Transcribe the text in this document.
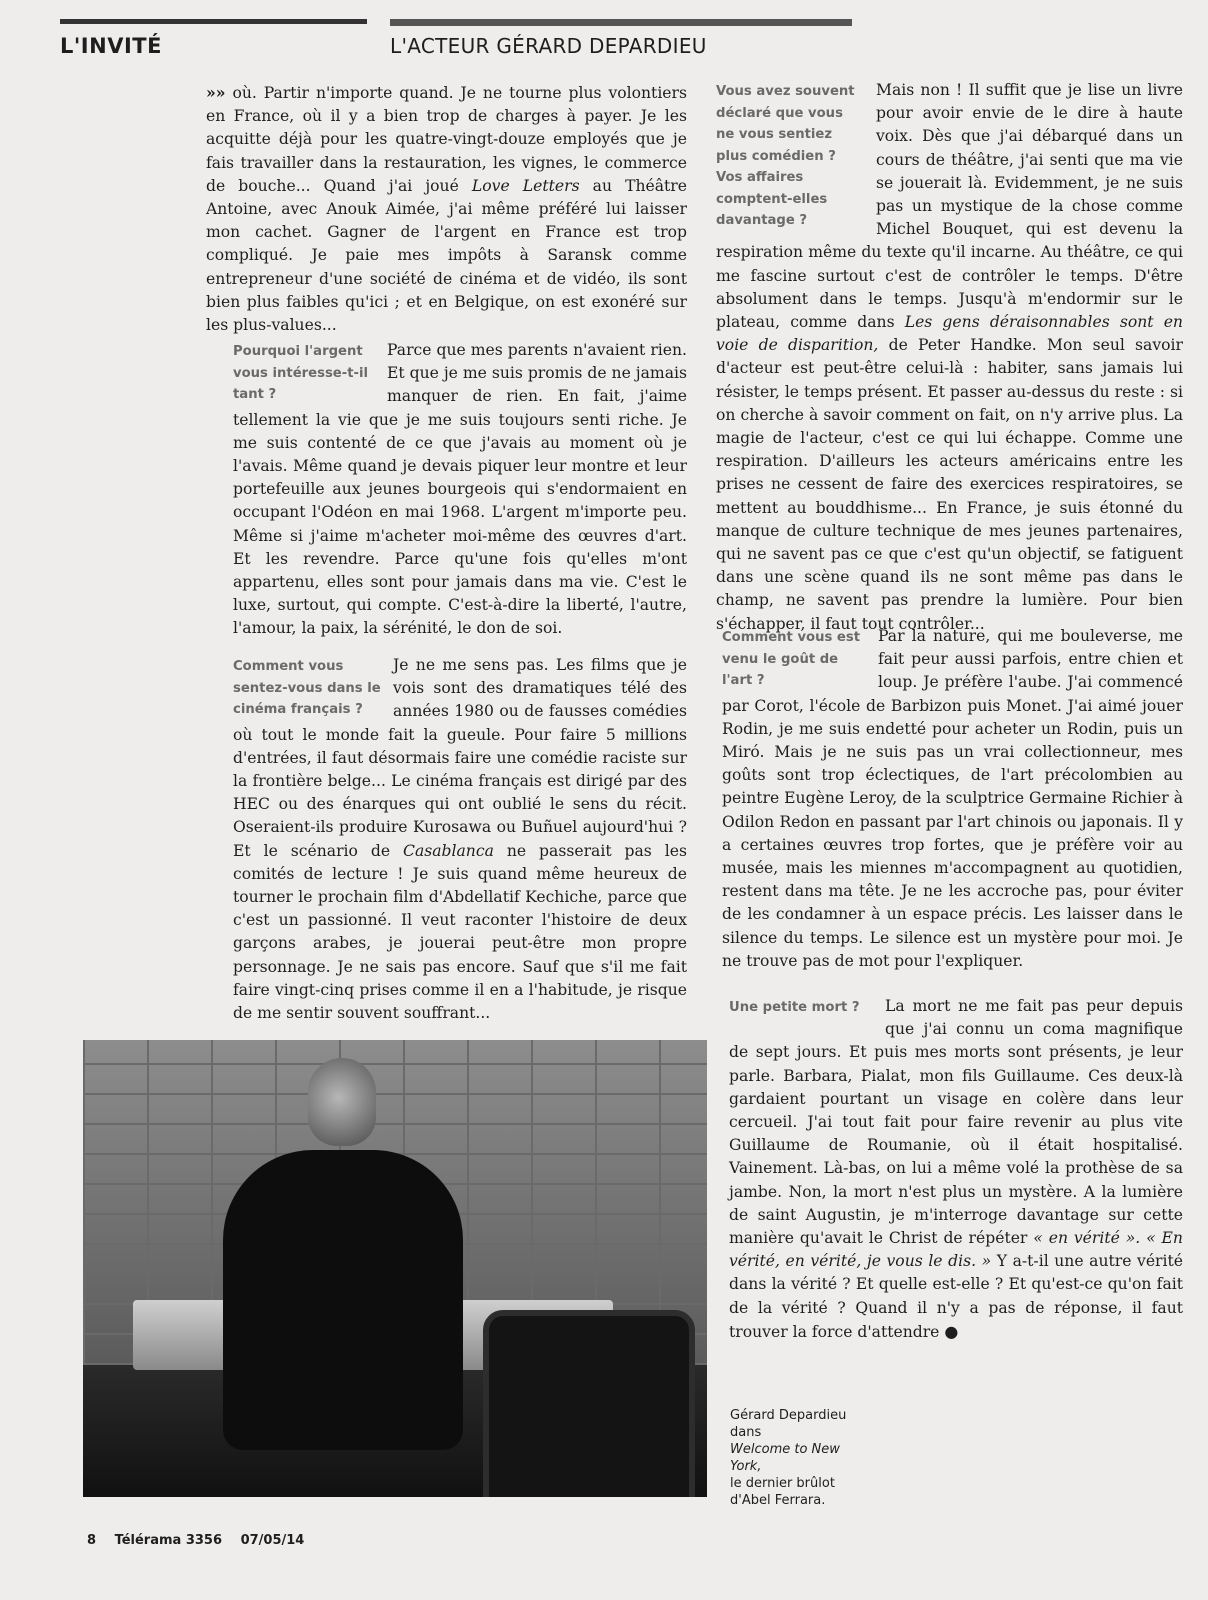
L'INVITÉ	L'ACTEUR GÉRARD DEPARDIEU

»» où. Partir n'importe quand. Je ne tourne plus volontiers en France, où il y a bien trop de charges à payer. Je les acquitte déjà pour les quatre-vingt-douze employés que je fais travailler dans la restauration, les vignes, le commerce de bouche... Quand j'ai joué Love Letters au Théâtre Antoine, avec Anouk Aimée, j'ai même préféré lui laisser mon cachet. Gagner de l'argent en France est trop compliqué. Je paie mes impôts à Saransk comme entrepreneur d'une société de cinéma et de vidéo, ils sont bien plus faibles qu'ici ; et en Belgique, on est exonéré sur les plus-values...

Pourquoi l'argent vous intéresse-t-il tant ?

Parce que mes parents n'avaient rien. Et que je me suis promis de ne jamais manquer de rien. En fait, j'aime tellement la vie que je me suis toujours senti riche. Je me suis contenté de ce que j'avais au moment où je l'avais. Même quand je devais piquer leur montre et leur portefeuille aux jeunes bourgeois qui s'endormaient en occupant l'Odéon en mai 1968. L'argent m'importe peu. Même si j'aime m'acheter moi-même des œuvres d'art. Et les revendre. Parce qu'une fois qu'elles m'ont appartenu, elles sont pour jamais dans ma vie. C'est le luxe, surtout, qui compte. C'est-à-dire la liberté, l'autre, l'amour, la paix, la sérénité, le don de soi.

Comment vous sentez-vous dans le cinéma français ?

Je ne me sens pas. Les films que je vois sont des dramatiques télé des années 1980 ou de fausses comédies où tout le monde fait la gueule. Pour faire 5 millions d'entrées, il faut désormais faire une comédie raciste sur la frontière belge... Le cinéma français est dirigé par des HEC ou des énarques qui ont oublié le sens du récit. Oseraient-ils produire Kurosawa ou Buñuel aujourd'hui ? Et le scénario de Casablanca ne passerait pas les comités de lecture ! Je suis quand même heureux de tourner le prochain film d'Abdellatif Kechiche, parce que c'est un passionné. Il veut raconter l'histoire de deux garçons arabes, je jouerai peut-être mon propre personnage. Je ne sais pas encore. Sauf que s'il me fait faire vingt-cinq prises comme il en a l'habitude, je risque de me sentir souvent souffrant...

Gérard Depardieu
dans
Welcome to New York,
le dernier brûlot
d'Abel Ferrara.
Vous avez souvent déclaré que vous ne vous sentiez plus comédien ? Vos affaires comptent-elles davantage ?

Mais non ! Il suffit que je lise un livre pour avoir envie de le dire à haute voix. Dès que j'ai débarqué dans un cours de théâtre, j'ai senti que ma vie se jouerait là. Evidemment, je ne suis pas un mystique de la chose comme Michel Bouquet, qui est devenu la respiration même du texte qu'il incarne. Au théâtre, ce qui me fascine surtout c'est de contrôler le temps. D'être absolument dans le temps. Jusqu'à m'endormir sur le plateau, comme dans Les gens déraisonnables sont en voie de disparition, de Peter Handke. Mon seul savoir d'acteur est peut-être celui-là : habiter, sans jamais lui résister, le temps présent. Et passer au-dessus du reste : si on cherche à savoir comment on fait, on n'y arrive plus. La magie de l'acteur, c'est ce qui lui échappe. Comme une respiration. D'ailleurs les acteurs américains entre les prises ne cessent de faire des exercices respiratoires, se mettent au bouddhisme... En France, je suis étonné du manque de culture technique de mes jeunes partenaires, qui ne savent pas ce que c'est qu'un objectif, se fatiguent dans une scène quand ils ne sont même pas dans le champ, ne savent pas prendre la lumière. Pour bien s'échapper, il faut tout contrôler...

Comment vous est venu le goût de l'art ?

Par la nature, qui me bouleverse, me fait peur aussi parfois, entre chien et loup. Je préfère l'aube. J'ai commencé par Corot, l'école de Barbizon puis Monet. J'ai aimé jouer Rodin, je me suis endetté pour acheter un Rodin, puis un Miró. Mais je ne suis pas un vrai collectionneur, mes goûts sont trop éclectiques, de l'art précolombien au peintre Eugène Leroy, de la sculptrice Germaine Richier à Odilon Redon en passant par l'art chinois ou japonais. Il y a certaines œuvres trop fortes, que je préfère voir au musée, mais les miennes m'accompagnent au quotidien, restent dans ma tête. Je ne les accroche pas, pour éviter de les condamner à un espace précis. Les laisser dans le silence du temps. Le silence est un mystère pour moi. Je ne trouve pas de mot pour l'expliquer.

Une petite mort ?	La mort ne me fait pas peur depuis que j'ai connu un coma magnifique de sept jours. Et puis mes morts sont présents, je leur parle. Barbara, Pialat, mon fils Guillaume. Ces deux-là gardaient pourtant un visage en colère dans leur cercueil. J'ai tout fait pour faire revenir au plus vite Guillaume de Roumanie, où il était hospitalisé. Vainement. Là-bas, on lui a même volé la prothèse de sa jambe. Non, la mort n'est plus un mystère. A la lumière de saint Augustin, je m'interroge davantage sur cette manière qu'avait le Christ de répéter « en vérité ». « En vérité, en vérité, je vous le dis. » Y a-t-il une autre vérité dans la vérité ? Et quelle est-elle ? Et qu'est-ce qu'on fait de la vérité ? Quand il n'y a pas de réponse, il faut trouver la force d'attendre ●

8 Télérama 3356 07/05/14
